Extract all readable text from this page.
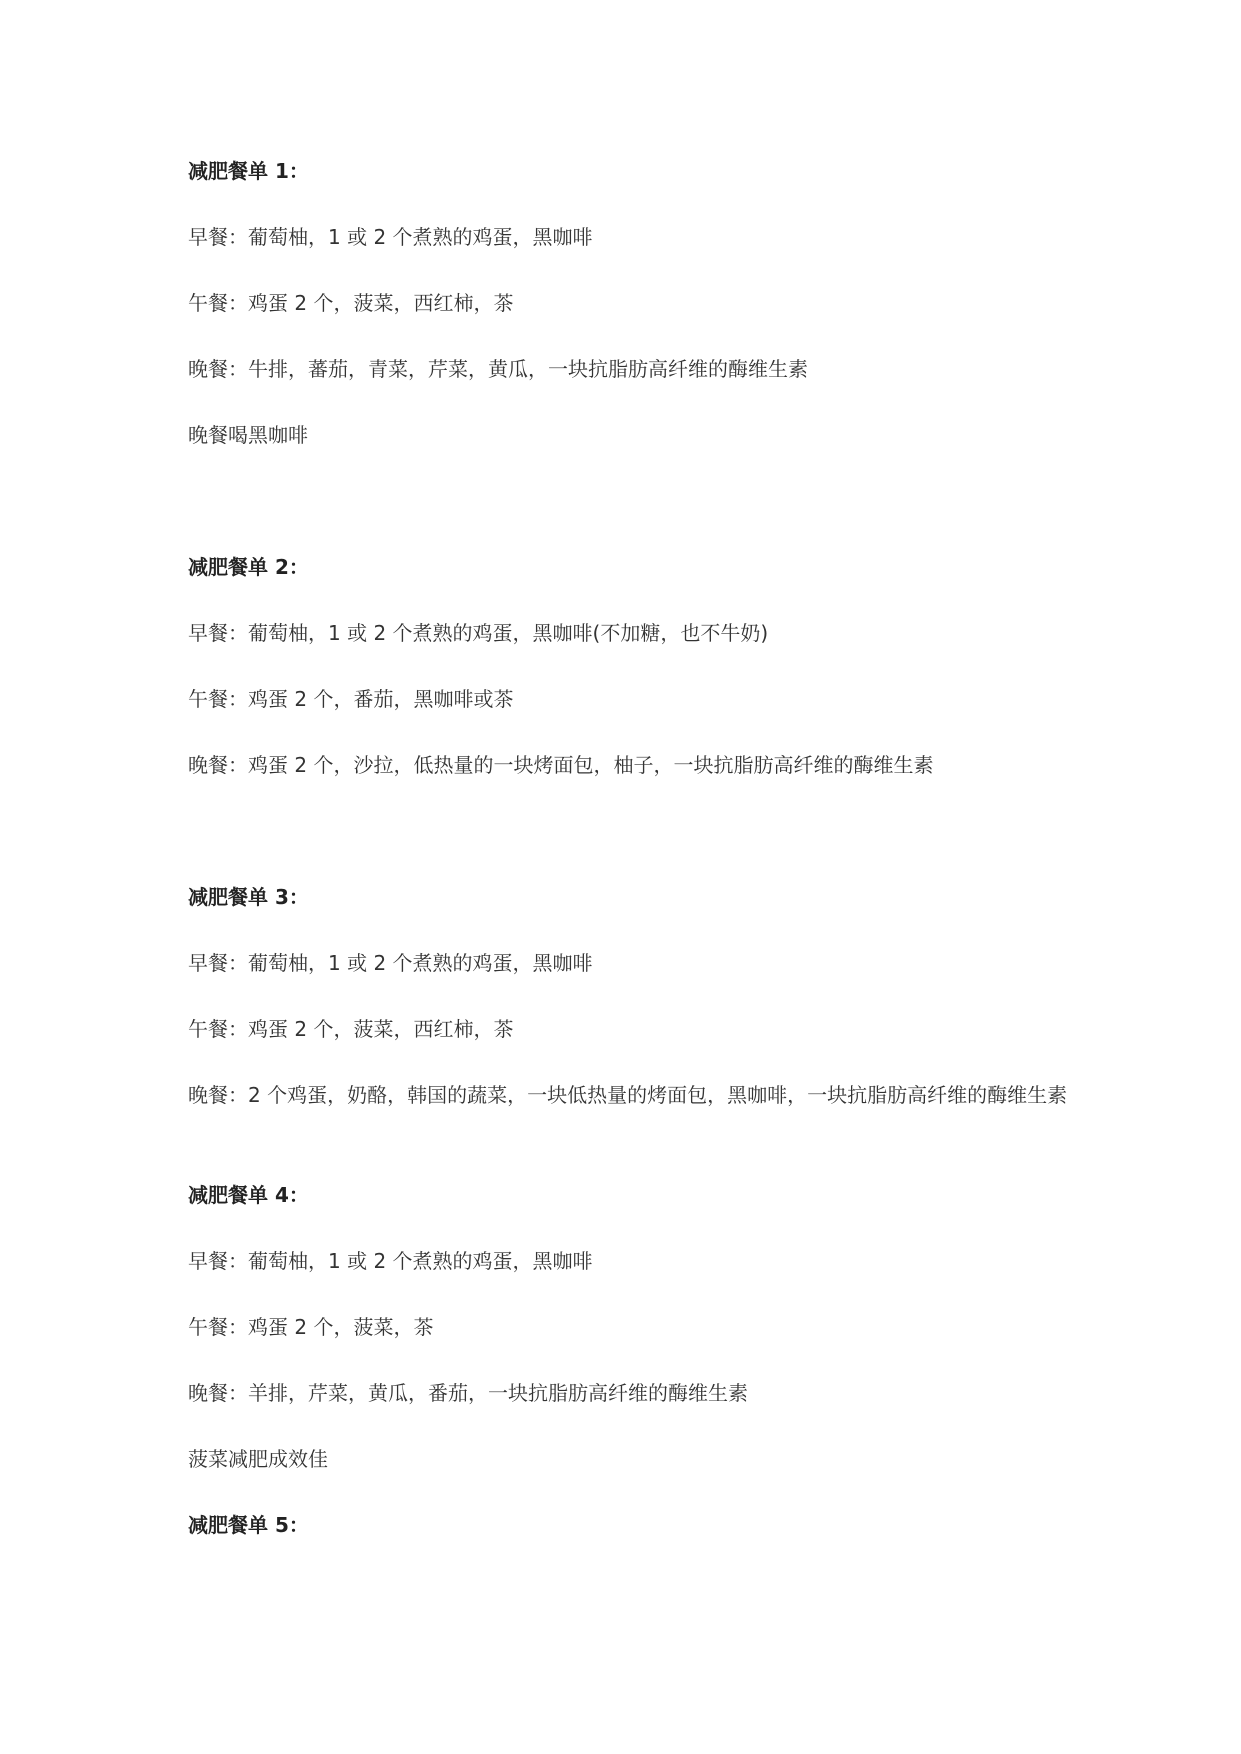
减肥餐单 1：
早餐：葡萄柚，1 或 2 个煮熟的鸡蛋，黑咖啡
午餐：鸡蛋 2 个，菠菜，西红柿，茶
晚餐：牛排，蕃茄，青菜，芹菜，黄瓜，一块抗脂肪高纤维的酶维生素
晚餐喝黑咖啡
减肥餐单 2：
早餐：葡萄柚，1 或 2 个煮熟的鸡蛋，黑咖啡(不加糖，也不牛奶)
午餐：鸡蛋 2 个，番茄，黑咖啡或茶
晚餐：鸡蛋 2 个，沙拉，低热量的一块烤面包，柚子，一块抗脂肪高纤维的酶维生素
减肥餐单 3：
早餐：葡萄柚，1 或 2 个煮熟的鸡蛋，黑咖啡
午餐：鸡蛋 2 个，菠菜，西红柿，茶
晚餐：2 个鸡蛋，奶酪，韩国的蔬菜，一块低热量的烤面包，黑咖啡，一块抗脂肪高纤维的酶维生素
减肥餐单 4：
早餐：葡萄柚，1 或 2 个煮熟的鸡蛋，黑咖啡
午餐：鸡蛋 2 个，菠菜，茶
晚餐：羊排，芹菜，黄瓜，番茄，一块抗脂肪高纤维的酶维生素
菠菜减肥成效佳
减肥餐单 5：
